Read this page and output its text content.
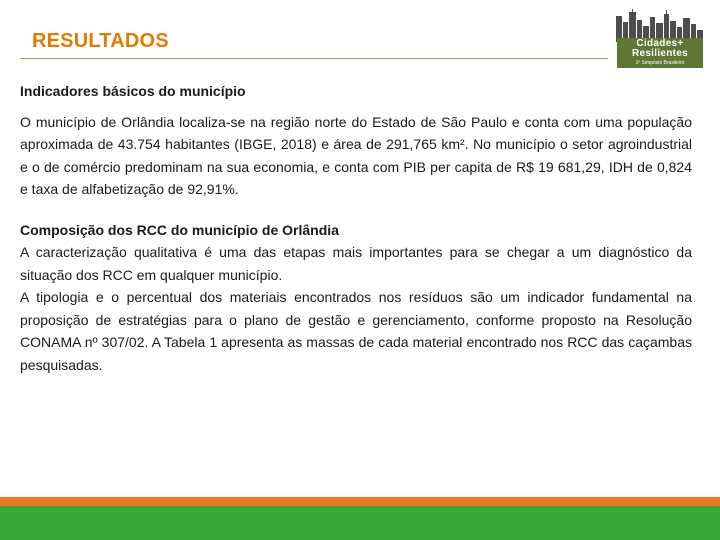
RESULTADOS	Cidades+
Resilientes
1º Simpósio Brasileiro

Indicadores básicos do município

O município de Orlândia localiza-se na região norte do Estado de São Paulo e conta com uma população aproximada de 43.754 habitantes (IBGE, 2018) e área de 291,765 km². No município o setor agroindustrial e o de comércio predominam na sua economia, e conta com PIB per capita de R$ 19 681,29, IDH de 0,824 e taxa de alfabetização de 92,91%.

Composição dos RCC do município de Orlândia

A caracterização qualitativa é uma das etapas mais importantes para se chegar a um diagnóstico da situação dos RCC em qualquer município.

A tipologia e o percentual dos materiais encontrados nos resíduos são um indicador fundamental na proposição de estratégias para o plano de gestão e gerenciamento, conforme proposto na Resolução CONAMA nº 307/02. A Tabela 1 apresenta as massas de cada material encontrado nos RCC das caçambas pesquisadas.
